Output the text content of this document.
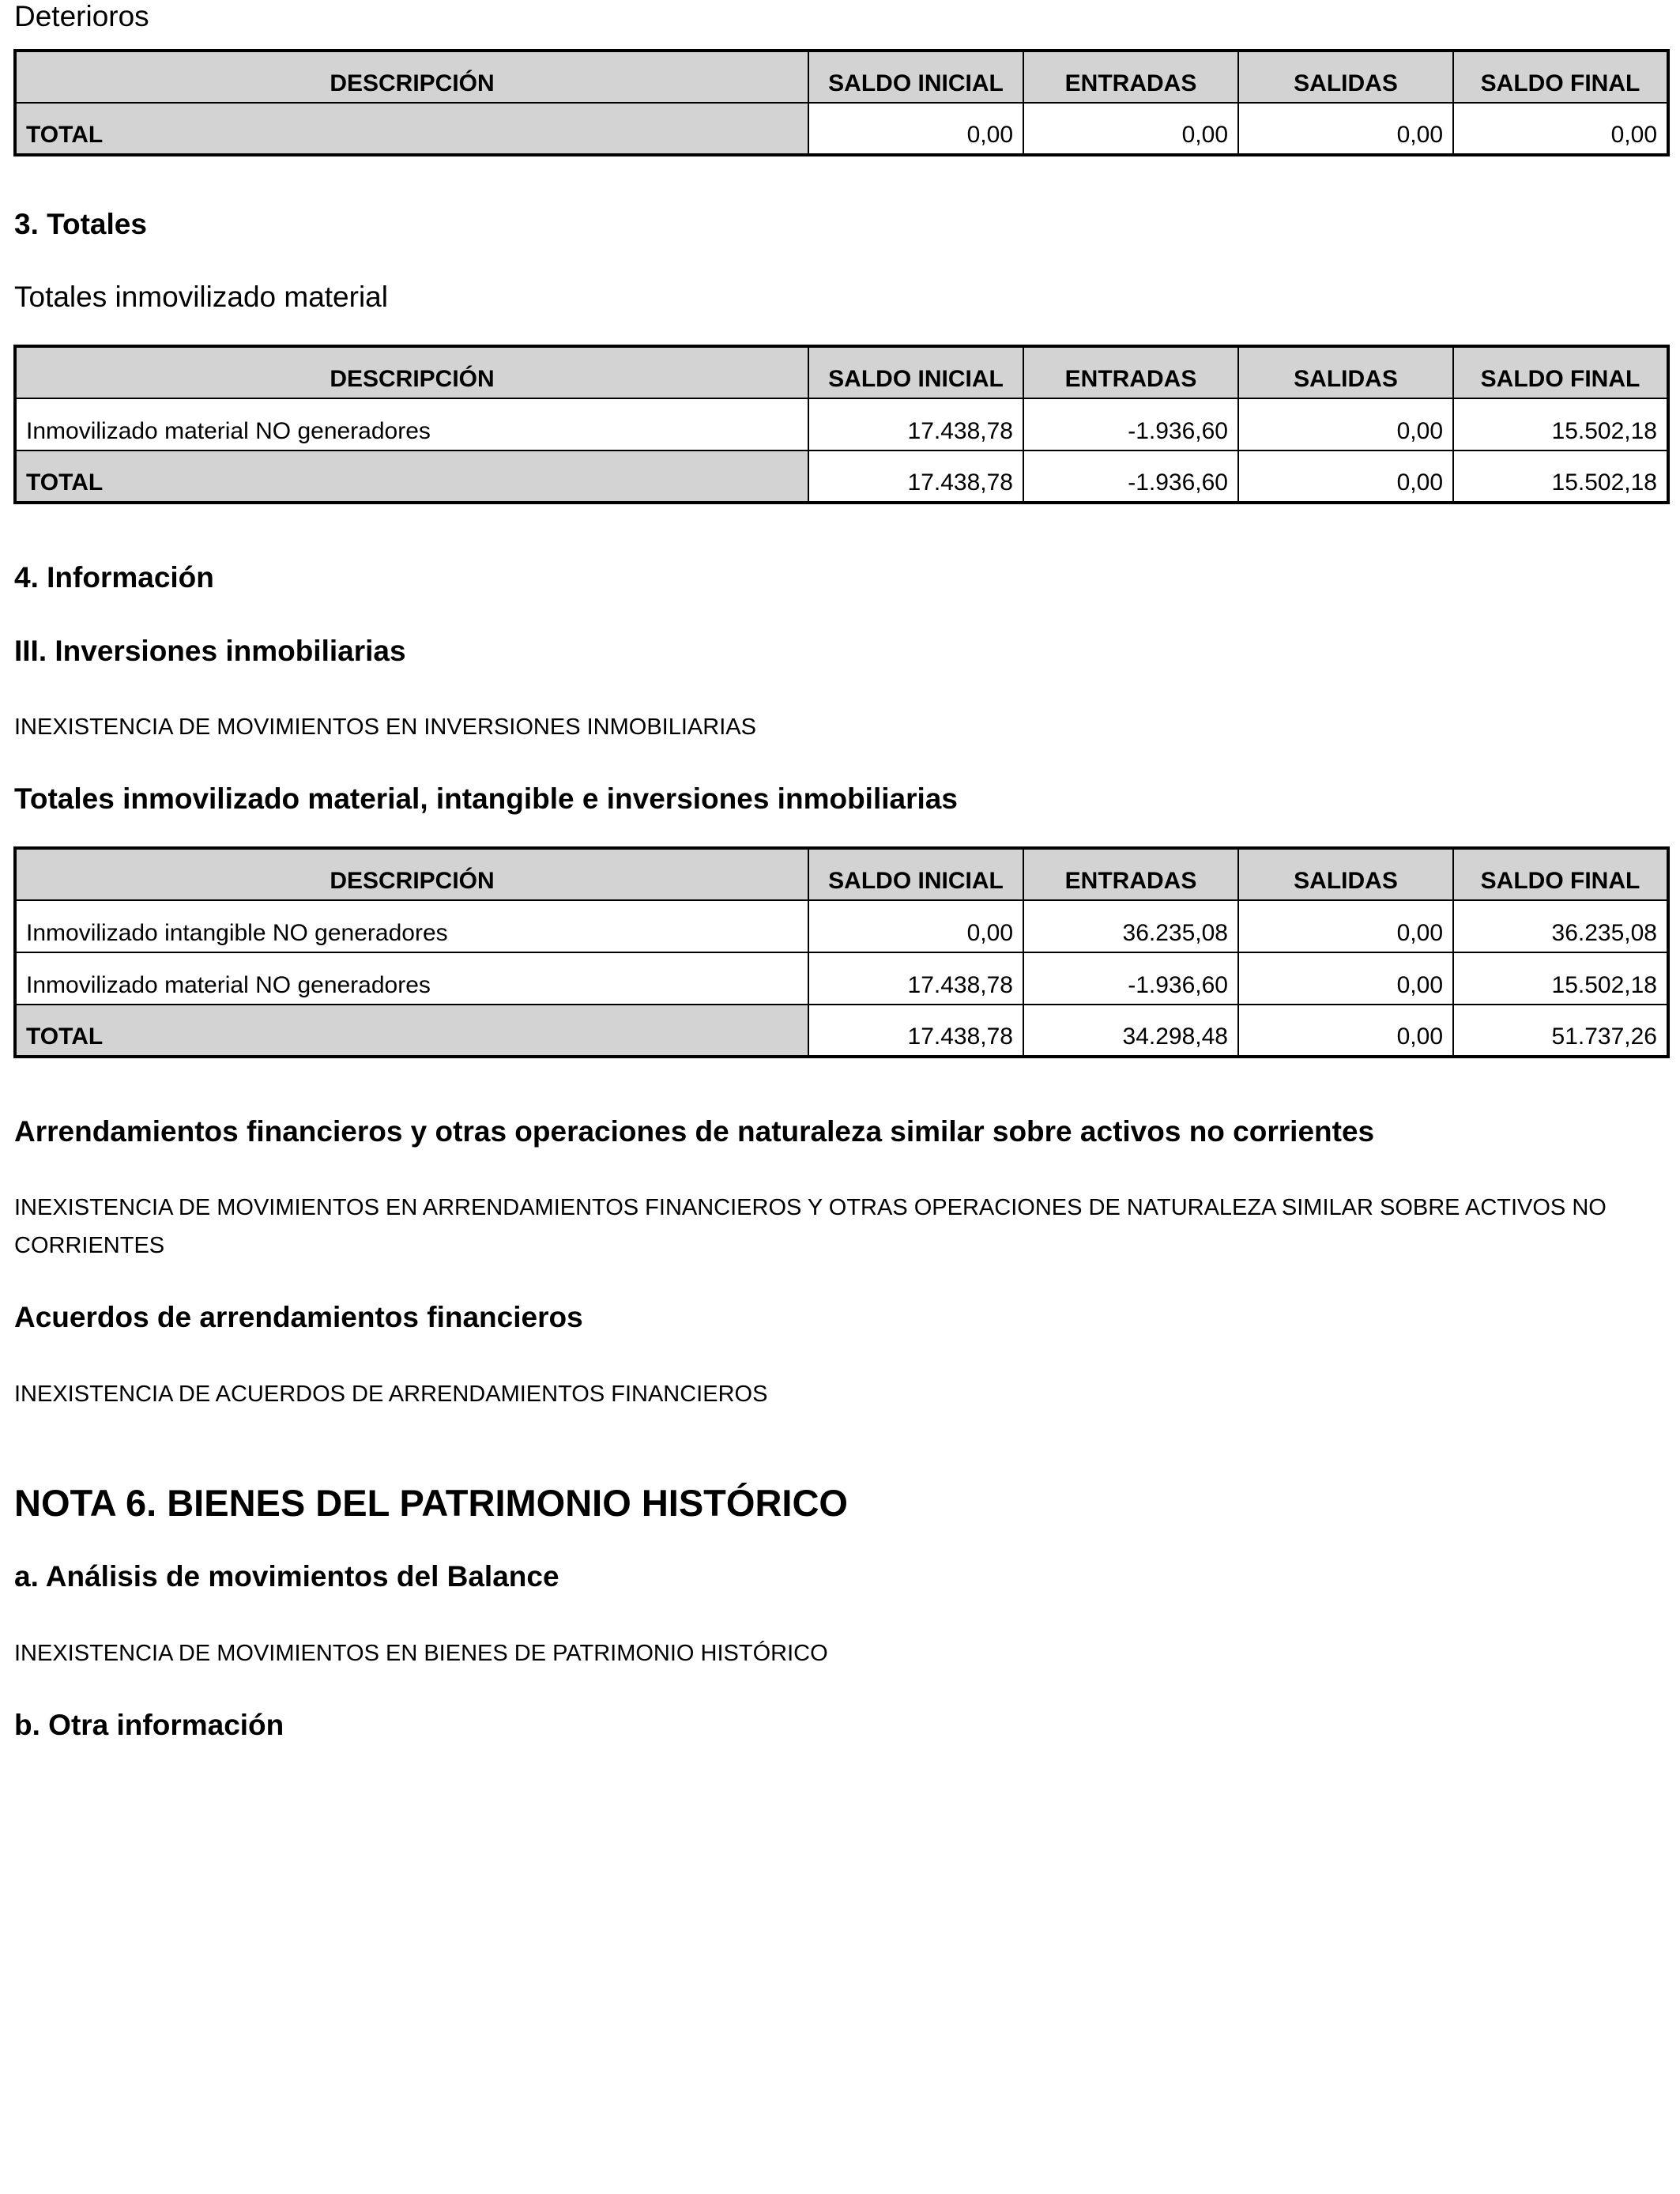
Deterioros

DESCRIPCIÓN	SALDO INICIAL	ENTRADAS	SALIDAS	SALDO FINAL
TOTAL	0,00	0,00	0,00	0,00

3. Totales

Totales inmovilizado material

DESCRIPCIÓN	SALDO INICIAL	ENTRADAS	SALIDAS	SALDO FINAL
Inmovilizado material NO generadores	17.438,78	-1.936,60	0,00	15.502,18
TOTAL	17.438,78	-1.936,60	0,00	15.502,18

4. Información

III. Inversiones inmobiliarias

INEXISTENCIA DE MOVIMIENTOS EN INVERSIONES INMOBILIARIAS

Totales inmovilizado material, intangible e inversiones inmobiliarias

DESCRIPCIÓN	SALDO INICIAL	ENTRADAS	SALIDAS	SALDO FINAL
Inmovilizado intangible NO generadores	0,00	36.235,08	0,00	36.235,08
Inmovilizado material NO generadores	17.438,78	-1.936,60	0,00	15.502,18
TOTAL	17.438,78	34.298,48	0,00	51.737,26

Arrendamientos financieros y otras operaciones de naturaleza similar sobre activos no corrientes

INEXISTENCIA DE MOVIMIENTOS EN ARRENDAMIENTOS FINANCIEROS Y OTRAS OPERACIONES DE NATURALEZA SIMILAR SOBRE ACTIVOS NO CORRIENTES

Acuerdos de arrendamientos financieros

INEXISTENCIA DE ACUERDOS DE ARRENDAMIENTOS FINANCIEROS

NOTA 6. BIENES DEL PATRIMONIO HISTÓRICO

a. Análisis de movimientos del Balance

INEXISTENCIA DE MOVIMIENTOS EN BIENES DE PATRIMONIO HISTÓRICO

b. Otra información
